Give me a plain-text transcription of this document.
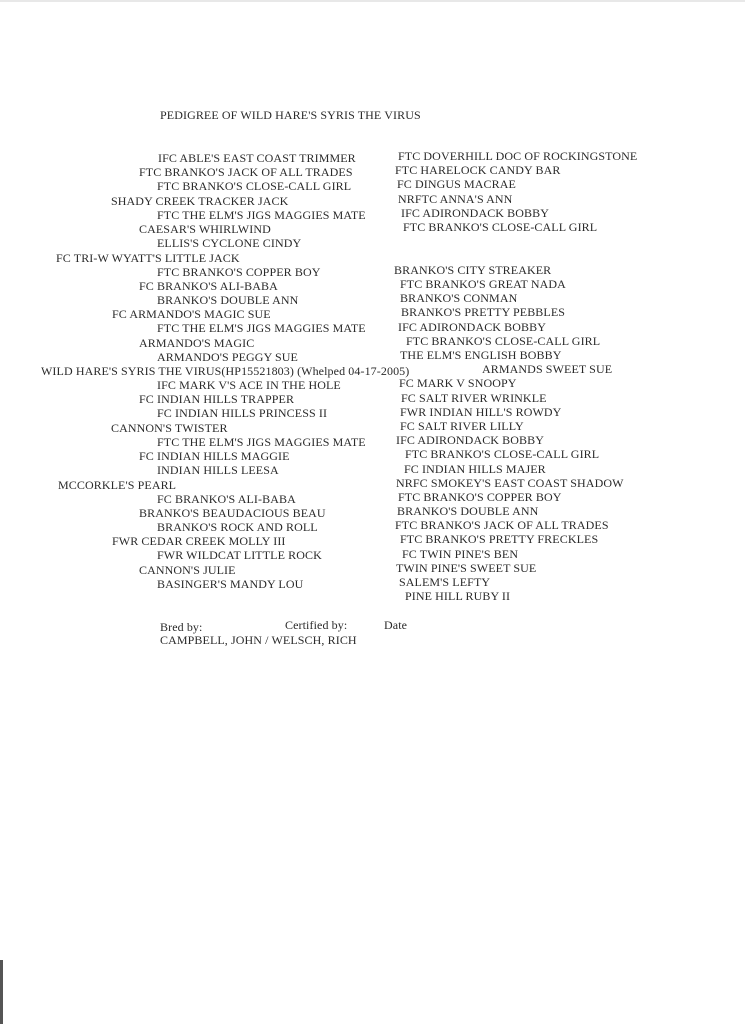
PEDIGREE OF WILD HARE'S SYRIS THE VIRUS
IFC ABLE'S EAST COAST TRIMMER
FTC BRANKO'S JACK OF ALL TRADES
FTC BRANKO'S CLOSE-CALL GIRL
SHADY CREEK TRACKER JACK
FTC THE ELM'S JIGS MAGGIES MATE
CAESAR'S WHIRLWIND
ELLIS'S CYCLONE CINDY
FC TRI-W WYATT'S LITTLE JACK
FTC BRANKO'S COPPER BOY
FC BRANKO'S ALI-BABA
BRANKO'S DOUBLE ANN
FC ARMANDO'S MAGIC SUE
FTC THE ELM'S JIGS MAGGIES MATE
ARMANDO'S MAGIC
ARMANDO'S PEGGY SUE
WILD HARE'S SYRIS THE VIRUS(HP15521803) (Whelped 04-17-2005)
IFC MARK V'S ACE IN THE HOLE
FC INDIAN HILLS TRAPPER
FC INDIAN HILLS PRINCESS II
CANNON'S TWISTER
FTC THE ELM'S JIGS MAGGIES MATE
FC INDIAN HILLS MAGGIE
INDIAN HILLS LEESA
MCCORKLE'S PEARL
FC BRANKO'S ALI-BABA
BRANKO'S BEAUDACIOUS BEAU
BRANKO'S ROCK AND ROLL
FWR CEDAR CREEK MOLLY III
FWR WILDCAT LITTLE ROCK
CANNON'S JULIE
BASINGER'S MANDY LOU
FTC DOVERHILL DOC OF ROCKINGSTONE
FTC HARELOCK CANDY BAR
FC DINGUS MACRAE
NRFTC ANNA'S ANN
IFC ADIRONDACK BOBBY
FTC BRANKO'S CLOSE-CALL GIRL
BRANKO'S CITY STREAKER
FTC BRANKO'S GREAT NADA
BRANKO'S CONMAN
BRANKO'S PRETTY PEBBLES
IFC ADIRONDACK BOBBY
FTC BRANKO'S CLOSE-CALL GIRL
THE ELM'S ENGLISH BOBBY
ARMANDS SWEET SUE
FC MARK V SNOOPY
FC SALT RIVER WRINKLE
FWR INDIAN HILL'S ROWDY
FC SALT RIVER LILLY
IFC ADIRONDACK BOBBY
FTC BRANKO'S CLOSE-CALL GIRL
FC INDIAN HILLS MAJER
NRFC SMOKEY'S EAST COAST SHADOW
FTC BRANKO'S COPPER BOY
BRANKO'S DOUBLE ANN
FTC BRANKO'S JACK OF ALL TRADES
FTC BRANKO'S PRETTY FRECKLES
FC TWIN PINE'S BEN
TWIN PINE'S SWEET SUE
SALEM'S LEFTY
PINE HILL RUBY II
Bred by:	Certified by:	Date
CAMPBELL, JOHN / WELSCH, RICH
